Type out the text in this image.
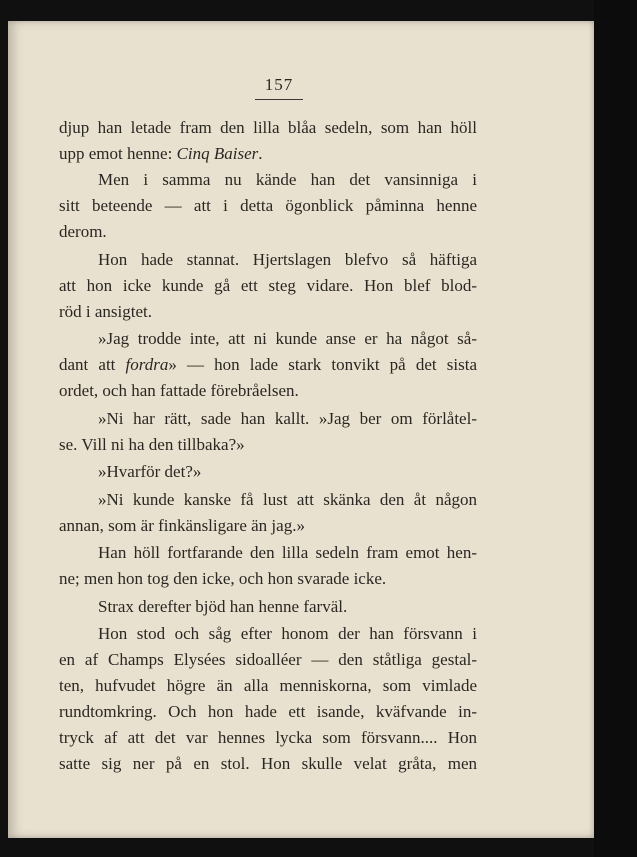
157

djup han letade fram den lilla blåa sedeln, som han höll

upp emot henne: Cinq Baiser.

Men i samma nu kände han det vansinniga i

sitt beteende — att i detta ögonblick påminna henne

derom.

Hon hade stannat. Hjertslagen blefvo så häftiga

att hon icke kunde gå ett steg vidare. Hon blef blod-

röd i ansigtet.

»Jag trodde inte, att ni kunde anse er ha något så-

dant att fordra» — hon lade stark tonvikt på det sista

ordet, och han fattade förebråelsen.

»Ni har rätt, sade han kallt. »Jag ber om förlåtel-

se. Vill ni ha den tillbaka?»

»Hvarför det?»

»Ni kunde kanske få lust att skänka den åt någon

annan, som är finkänsligare än jag.»

Han höll fortfarande den lilla sedeln fram emot hen-

ne; men hon tog den icke, och hon svarade icke.

Strax derefter bjöd han henne farväl.

Hon stod och såg efter honom der han försvann i

en af Champs Elysées sidoalléer — den ståtliga gestal-

ten, hufvudet högre än alla menniskorna, som vimlade

rundtomkring. Och hon hade ett isande, kväfvande in-

tryck af att det var hennes lycka som försvann.... Hon

satte sig ner på en stol. Hon skulle velat gråta, men
